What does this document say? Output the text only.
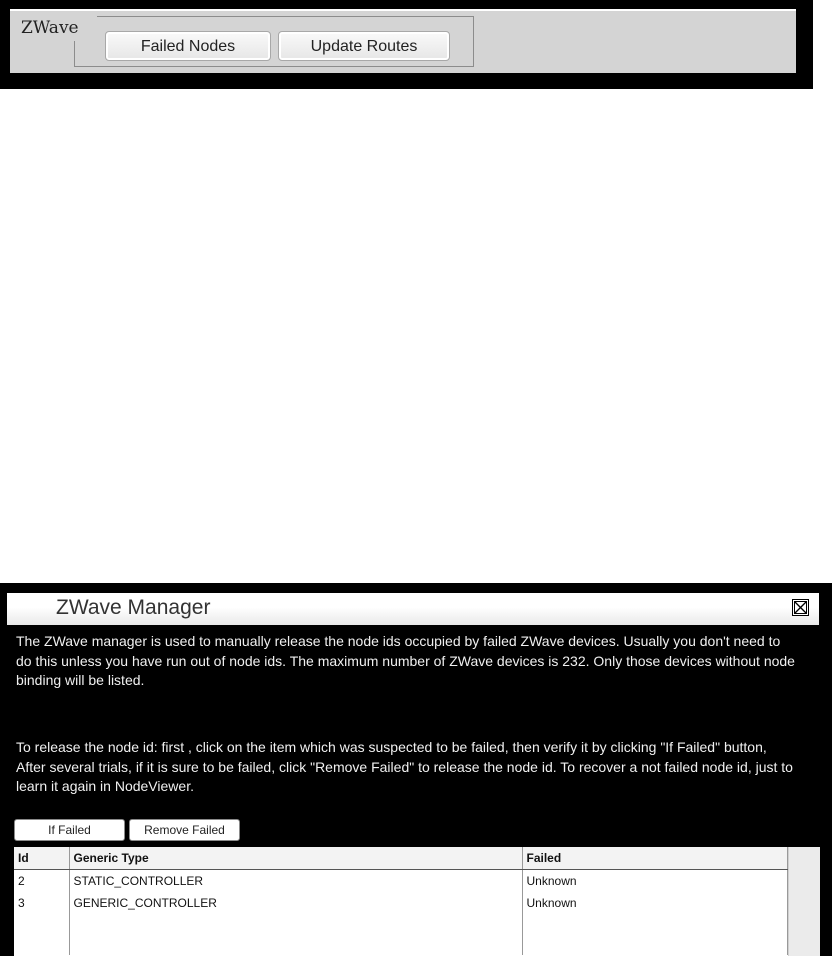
ZWave
Failed Nodes	Update Routes
ZWave Manager

The ZWave manager is used to manually release the node ids occupied by failed ZWave devices. Usually you don't need to do this unless you have run out of node ids. The maximum number of ZWave devices is 232. Only those devices without node binding will be listed.

To release the node id: first , click on the item which was suspected to be failed, then verify it by clicking "If Failed" button, After several trials, if it is sure to be failed, click "Remove Failed" to release the node id. To recover a not failed node id, just to learn it again in NodeViewer.

If Failed	Remove Failed
Id	Generic Type	Failed
2	STATIC_CONTROLLER	Unknown
3	GENERIC_CONTROLLER	Unknown
